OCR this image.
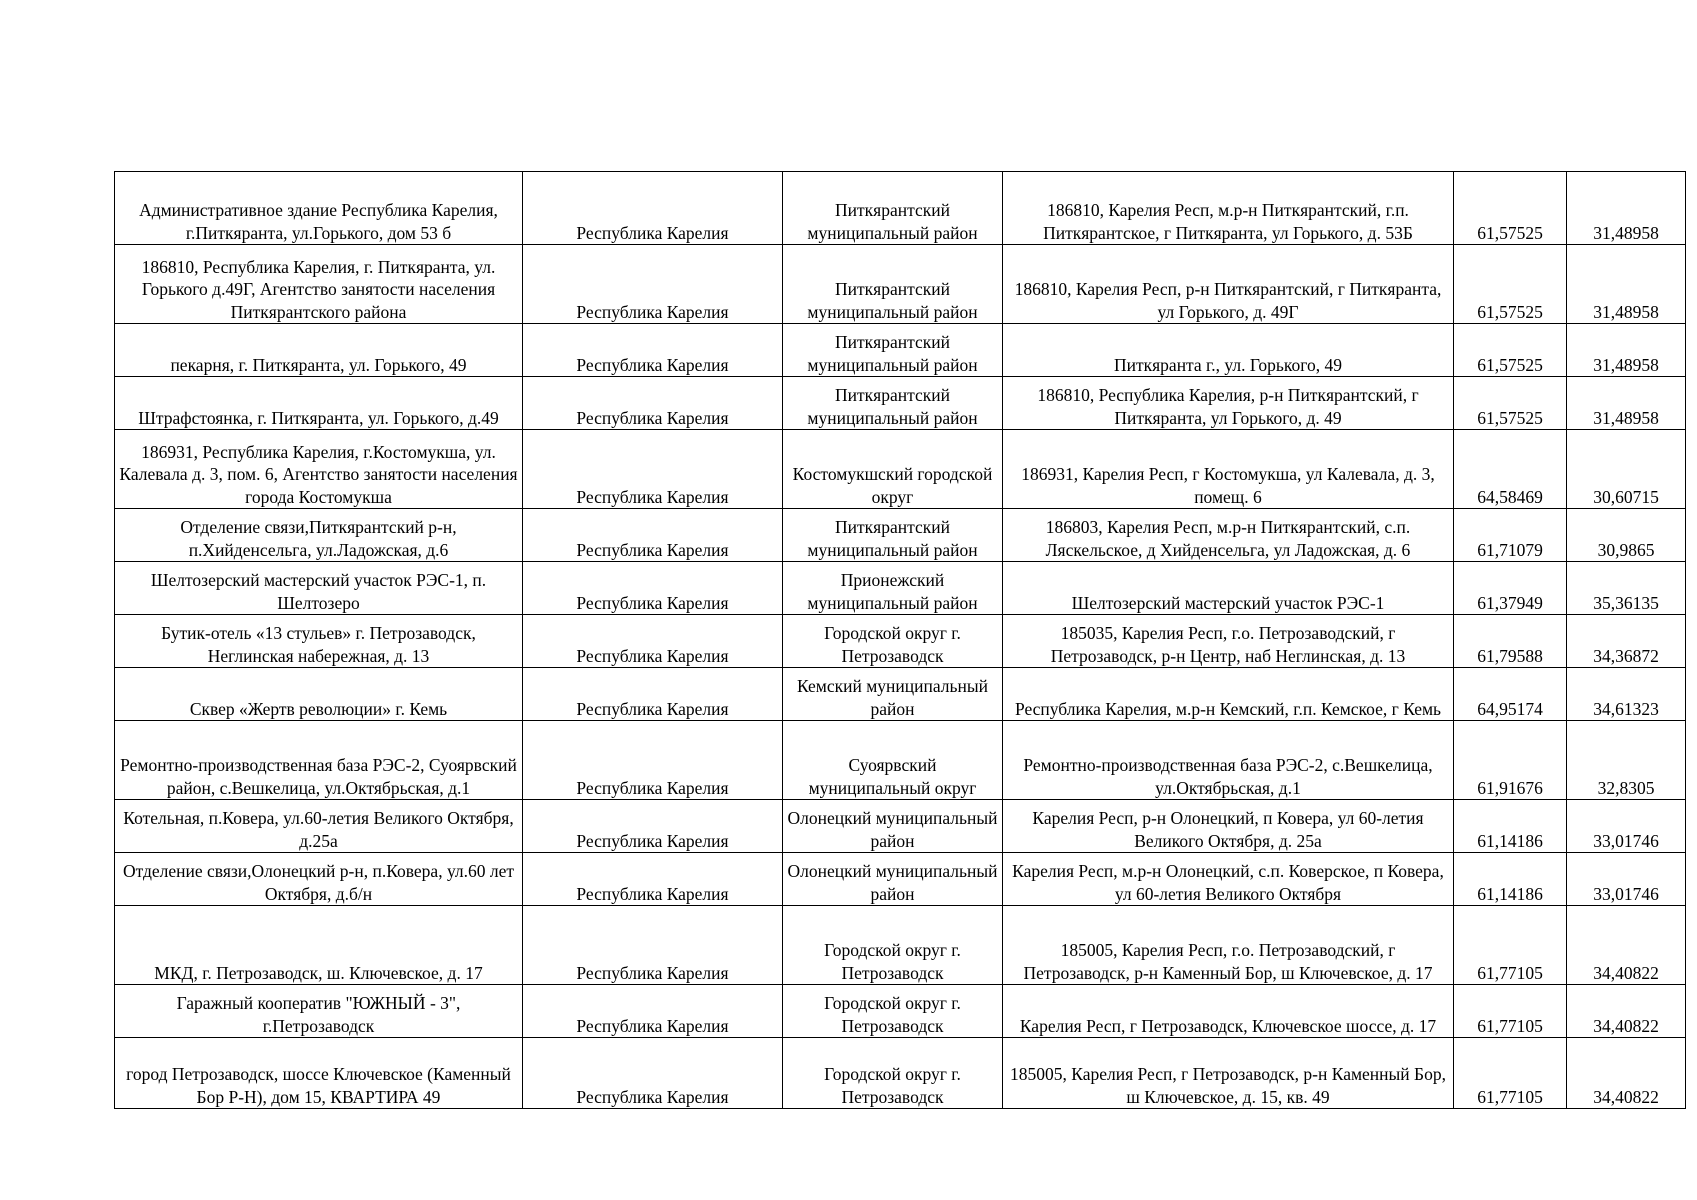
Административное здание Республика Карелия, г.Питкяранта, ул.Горького, дом 53 б	Республика Карелия	Питкярантский муниципальный район	186810, Карелия Респ, м.р-н Питкярантский, г.п. Питкярантское, г Питкяранта, ул Горького, д. 53Б	61,57525	31,48958
186810, Республика Карелия, г. Питкяранта, ул. Горького д.49Г, Агентство занятости населения Питкярантского района	Республика Карелия	Питкярантский муниципальный район	186810, Карелия Респ, р-н Питкярантский, г Питкяранта, ул Горького, д. 49Г	61,57525	31,48958
пекарня, г. Питкяранта, ул. Горького, 49	Республика Карелия	Питкярантский муниципальный район	Питкяранта г., ул. Горького, 49	61,57525	31,48958
Штрафстоянка, г. Питкяранта, ул. Горького, д.49	Республика Карелия	Питкярантский муниципальный район	186810, Республика Карелия, р-н Питкярантский, г Питкяранта, ул Горького, д. 49	61,57525	31,48958
186931, Республика Карелия, г.Костомукша, ул. Калевала д. 3, пом. 6, Агентство занятости населения города Костомукша	Республика Карелия	Костомукшский городской округ	186931, Карелия Респ, г Костомукша, ул Калевала, д. 3, помещ. 6	64,58469	30,60715
Отделение связи,Питкярантский р-н, п.Хийденсельга, ул.Ладожская, д.6	Республика Карелия	Питкярантский муниципальный район	186803, Карелия Респ, м.р-н Питкярантский, с.п. Ляскельское, д Хийденсельга, ул Ладожская, д. 6	61,71079	30,9865
Шелтозерский мастерский участок РЭС-1, п. Шелтозеро	Республика Карелия	Прионежский муниципальный район	Шелтозерский мастерский участок РЭС-1	61,37949	35,36135
Бутик-отель «13 стульев» г. Петрозаводск, Неглинская набережная, д. 13	Республика Карелия	Городской округ г. Петрозаводск	185035, Карелия Респ, г.о. Петрозаводский, г Петрозаводск, р-н Центр, наб Неглинская, д. 13	61,79588	34,36872
Сквер «Жертв революции» г. Кемь	Республика Карелия	Кемский муниципальный район	Республика Карелия, м.р-н Кемский, г.п. Кемское, г Кемь	64,95174	34,61323
Ремонтно-производственная база РЭС-2, Суоярвский район, с.Вешкелица, ул.Октябрьская, д.1	Республика Карелия	Суоярвский муниципальный округ	Ремонтно-производственная база РЭС-2, с.Вешкелица, ул.Октябрьская, д.1	61,91676	32,8305
Котельная, п.Ковера, ул.60-летия Великого Октября, д.25а	Республика Карелия	Олонецкий муниципальный район	Карелия Респ, р-н Олонецкий, п Ковера, ул 60-летия Великого Октября, д. 25а	61,14186	33,01746
Отделение связи,Олонецкий р-н, п.Ковера, ул.60 лет Октября, д.б/н	Республика Карелия	Олонецкий муниципальный район	Карелия Респ, м.р-н Олонецкий, с.п. Коверское, п Ковера, ул 60-летия Великого Октября	61,14186	33,01746
МКД, г. Петрозаводск, ш. Ключевское, д. 17	Республика Карелия	Городской округ г. Петрозаводск	185005, Карелия Респ, г.о. Петрозаводский, г Петрозаводск, р-н Каменный Бор, ш Ключевское, д. 17	61,77105	34,40822
Гаражный кооператив "ЮЖНЫЙ - 3", г.Петрозаводск	Республика Карелия	Городской округ г. Петрозаводск	Карелия Респ, г Петрозаводск, Ключевское шоссе, д. 17	61,77105	34,40822
город Петрозаводск, шоссе Ключевское (Каменный Бор Р-Н), дом 15, КВАРТИРА 49	Республика Карелия	Городской округ г. Петрозаводск	185005, Карелия Респ, г Петрозаводск, р-н Каменный Бор, ш Ключевское, д. 15, кв. 49	61,77105	34,40822
